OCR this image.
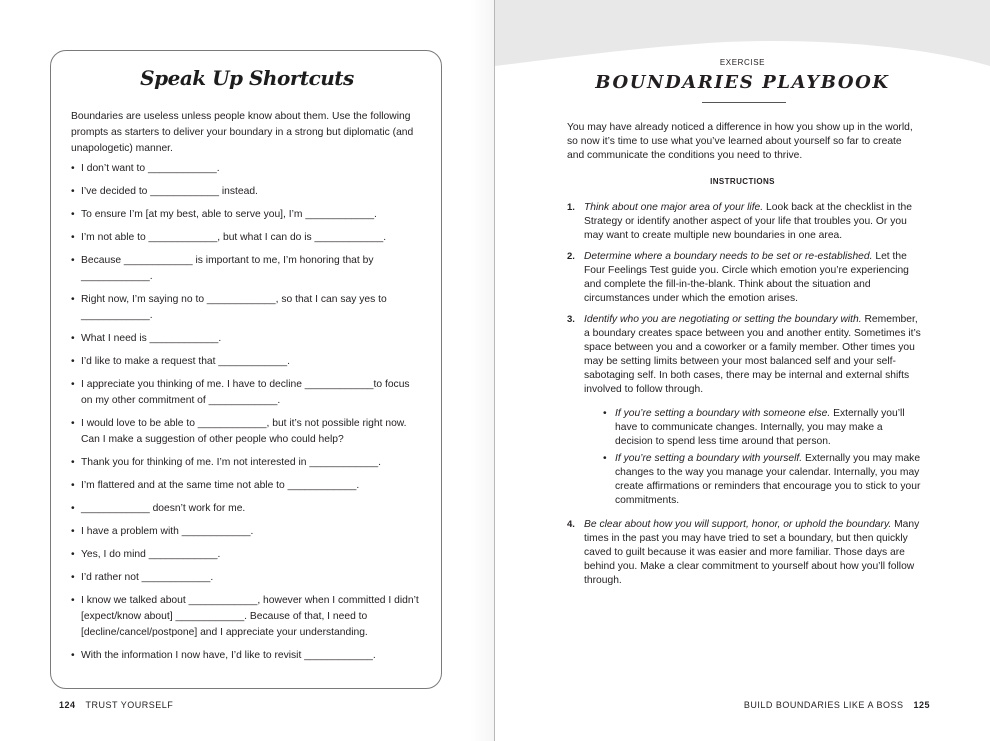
Speak Up Shortcuts

Boundaries are useless unless people know about them. Use the following prompts as starters to deliver your boundary in a strong but diplomatic (and unapologetic) manner.

• I don’t want to ____________.
• I’ve decided to ____________ instead.
• To ensure I’m [at my best, able to serve you], I’m ____________.
• I’m not able to ____________, but what I can do is ____________.
• Because ____________ is important to me, I’m honoring that by ____________.
• Right now, I’m saying no to ____________, so that I can say yes to ____________.
• What I need is ____________.
• I’d like to make a request that ____________.
• I appreciate you thinking of me. I have to decline ____________to focus on my other commitment of ____________.
• I would love to be able to ____________, but it’s not possible right now. Can I make a suggestion of other people who could help?
• Thank you for thinking of me. I’m not interested in ____________.
• I’m flattered and at the same time not able to ____________.
• ____________ doesn’t work for me.
• I have a problem with ____________.
• Yes, I do mind ____________.
• I’d rather not ____________.
• I know we talked about ____________, however when I committed I didn’t [expect/know about] ____________. Because of that, I need to [decline/cancel/postpone] and I appreciate your understanding.
• With the information I now have, I’d like to revisit ____________.
124 TRUST YOURSELF
EXERCISE
BOUNDARIES PLAYBOOK

You may have already noticed a difference in how you show up in the world, so now it’s time to use what you’ve learned about yourself so far to create and communicate the conditions you need to thrive.

INSTRUCTIONS
1. Think about one major area of your life. Look back at the checklist in the Strategy or identify another aspect of your life that troubles you. Or you may want to create multiple new boundaries in one area.
2. Determine where a boundary needs to be set or re-established. Let the Four Feelings Test guide you. Circle which emotion you’re experiencing and complete the fill-in-the-blank. Think about the situation and circumstances under which the emotion arises.
3. Identify who you are negotiating or setting the boundary with. Remember, a boundary creates space between you and another entity. Sometimes it’s space between you and a coworker or a family member. Other times you may be setting limits between your most balanced self and your self-sabotaging self. In both cases, there may be internal and external shifts involved to follow through.
• If you’re setting a boundary with someone else. Externally you’ll have to communicate changes. Internally, you may make a decision to spend less time around that person.
• If you’re setting a boundary with yourself. Externally you may make changes to the way you manage your calendar. Internally, you may create affirmations or reminders that encourage you to stick to your commitments.
4. Be clear about how you will support, honor, or uphold the boundary. Many times in the past you may have tried to set a boundary, but then quickly caved to guilt because it was easier and more familiar. Those days are behind you. Make a clear commitment to yourself about how you’ll follow through.
BUILD BOUNDARIES LIKE A BOSS 125
